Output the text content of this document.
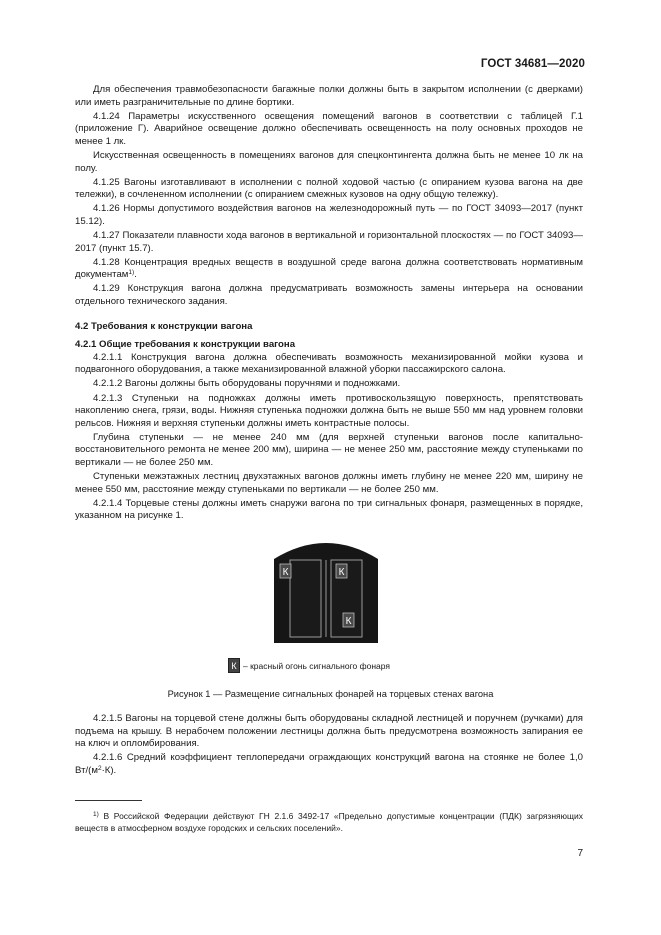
ГОСТ 34681—2020

Для обеспечения травмобезопасности багажные полки должны быть в закрытом исполнении (с дверками) или иметь разграничительные по длине бортики.

4.1.24 Параметры искусственного освещения помещений вагонов в соответствии с таблицей Г.1 (приложение Г). Аварийное освещение должно обеспечивать освещенность на полу основных проходов не менее 1 лк.

Искусственная освещенность в помещениях вагонов для спецконтингента должна быть не менее 10 лк на полу.

4.1.25 Вагоны изготавливают в исполнении с полной ходовой частью (с опиранием кузова вагона на две тележки), в сочлененном исполнении (с опиранием смежных кузовов на одну общую тележку).

4.1.26 Нормы допустимого воздействия вагонов на железнодорожный путь — по ГОСТ 34093—2017 (пункт 15.12).

4.1.27 Показатели плавности хода вагонов в вертикальной и горизонтальной плоскостях — по ГОСТ 34093—2017 (пункт 15.7).

4.1.28 Концентрация вредных веществ в воздушной среде вагона должна соответствовать нормативным документам$^{1)}$.

4.1.29 Конструкция вагона должна предусматривать возможность замены интерьера на основании отдельного технического задания.

4.2 Требования к конструкции вагона
4.2.1 Общие требования к конструкции вагона

4.2.1.1 Конструкция вагона должна обеспечивать возможность механизированной мойки кузова и подвагонного оборудования, а также механизированной влажной уборки пассажирского салона.

4.2.1.2 Вагоны должны быть оборудованы поручнями и подножками.

4.2.1.3 Ступеньки на подножках должны иметь противоскользящую поверхность, препятствовать накоплению снега, грязи, воды. Нижняя ступенька подножки должна быть не выше 550 мм над уровнем головки рельсов. Нижняя и верхняя ступеньки должны иметь контрастные полосы.

Глубина ступеньки — не менее 240 мм (для верхней ступеньки вагонов после капитально-восстановительного ремонта не менее 200 мм), ширина — не менее 250 мм, расстояние между ступеньками по вертикали — не более 250 мм.

Ступеньки межэтажных лестниц двухэтажных вагонов должны иметь глубину не менее 220 мм, ширину не менее 550 мм, расстояние между ступеньками по вертикали — не более 250 мм.

4.2.1.4 Торцевые стены должны иметь снаружи вагона по три сигнальных фонаря, размещенных в порядке, указанном на рисунке 1.

К	К
К
К – красный огонь сигнального фонаря
Рисунок 1 — Размещение сигнальных фонарей на торцевых стенах вагона

4.2.1.5 Вагоны на торцевой стене должны быть оборудованы складной лестницей и поручнем (ручками) для подъема на крышу. В нерабочем положении лестницы должна быть предусмотрена возможность запирания ее на ключ и опломбирования.

4.2.1.6 Средний коэффициент теплопередачи ограждающих конструкций вагона на стоянке не более 1,0 $Вт/(м^2\cdot К)$.

$^{1)}$ В Российской Федерации действуют ГН 2.1.6 3492-17 «Предельно допустимые концентрации (ПДК) загрязняющих веществ в атмосферном воздухе городских и сельских поселений».

7
